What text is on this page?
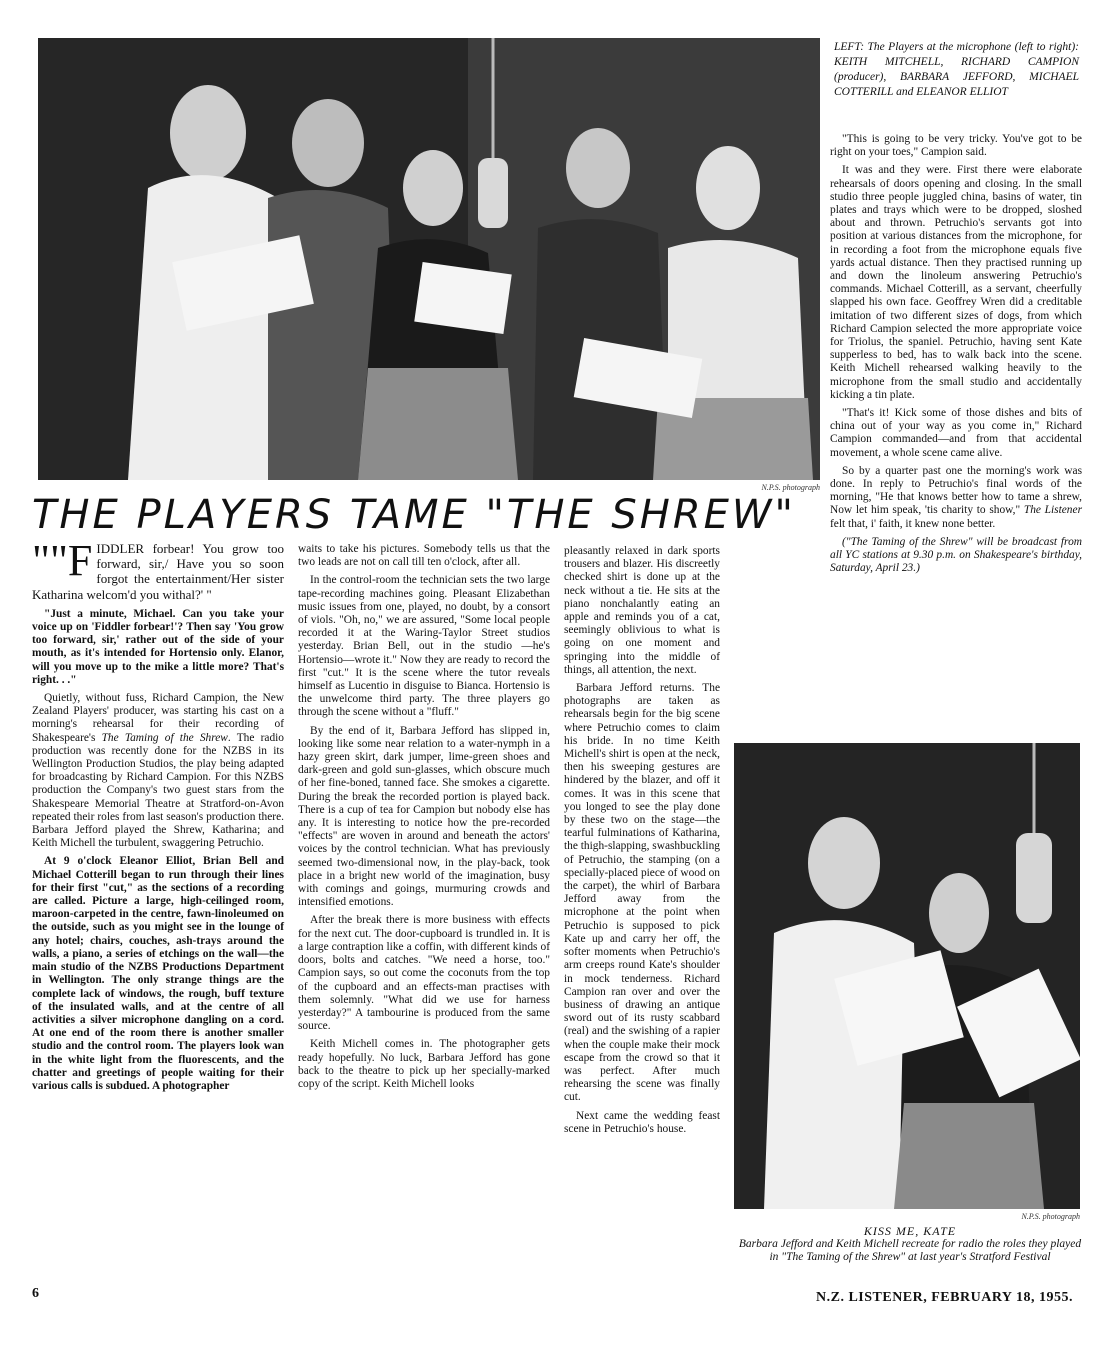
N.P.S. photograph
LEFT: The Players at the microphone (left to right): KEITH MITCHELL, RICHARD CAMPION (producer), BARBARA JEFFORD, MICHAEL COTTERILL and ELEANOR ELLIOT

"This is going to be very tricky. You've got to be right on your toes," Campion said.

It was and they were. First there were elaborate rehearsals of doors opening and closing. In the small studio three people juggled china, basins of water, tin plates and trays which were to be dropped, sloshed about and thrown. Petruchio's servants got into position at various distances from the microphone, for in recording a foot from the microphone equals five yards actual distance. Then they practised running up and down the linoleum answering Petruchio's commands. Michael Cotterill, as a servant, cheerfully slapped his own face. Geoffrey Wren did a creditable imitation of two different sizes of dogs, from which Richard Campion selected the more appropriate voice for Triolus, the spaniel. Petruchio, having sent Kate supperless to bed, has to walk back into the scene. Keith Michell rehearsed walking heavily to the microphone from the small studio and accidentally kicking a tin plate.

"That's it! Kick some of those dishes and bits of china out of your way as you come in," Richard Campion commanded—and from that accidental movement, a whole scene came alive.

So by a quarter past one the morning's work was done. In reply to Petruchio's final words of the morning, "He that knows better how to tame a shrew, Now let him speak, 'tis charity to show," The Listener felt that, i' faith, it knew none better.

("The Taming of the Shrew" will be broadcast from all YC stations at 9.30 p.m. on Shakespeare's birthday, Saturday, April 23.)

THE PLAYERS TAME "THE SHREW"

""F IDDLER forbear! You grow too forward, sir,/ Have you so soon forgot the entertainment/Her sister Katharina welcom'd you withal?' "

"Just a minute, Michael. Can you take your voice up on 'Fiddler forbear!'? Then say 'You grow too forward, sir,' rather out of the side of your mouth, as it's intended for Hortensio only. Elanor, will you move up to the mike a little more? That's right. . ."

Quietly, without fuss, Richard Campion, the New Zealand Players' producer, was starting his cast on a morning's rehearsal for their recording of Shakespeare's The Taming of the Shrew. The radio production was recently done for the NZBS in its Wellington Production Studios, the play being adapted for broadcasting by Richard Campion. For this NZBS production the Company's two guest stars from the Shakespeare Memorial Theatre at Stratford-on-Avon repeated their roles from last season's production there. Barbara Jefford played the Shrew, Katharina; and Keith Michell the turbulent, swaggering Petruchio.

At 9 o'clock Eleanor Elliot, Brian Bell and Michael Cotterill began to run through their lines for their first "cut," as the sections of a recording are called. Picture a large, high-ceilinged room, maroon-carpeted in the centre, fawn-linoleumed on the outside, such as you might see in the lounge of any hotel; chairs, couches, ash-trays around the walls, a piano, a series of etchings on the wall—the main studio of the NZBS Productions Department in Wellington. The only strange things are the complete lack of windows, the rough, buff texture of the insulated walls, and at the centre of all activities a silver microphone dangling on a cord. At one end of the room there is another smaller studio and the control room. The players look wan in the white light from the fluorescents, and the chatter and greetings of people waiting for their various calls is subdued. A photographer

waits to take his pictures. Somebody tells us that the two leads are not on call till ten o'clock, after all.

In the control-room the technician sets the two large tape-recording machines going. Pleasant Elizabethan music issues from one, played, no doubt, by a consort of viols. "Oh, no," we are assured, "Some local people recorded it at the Waring-Taylor Street studios yesterday. Brian Bell, out in the studio —he's Hortensio—wrote it." Now they are ready to record the first "cut." It is the scene where the tutor reveals himself as Lucentio in disguise to Bianca. Hortensio is the unwelcome third party. The three players go through the scene without a "fluff."

By the end of it, Barbara Jefford has slipped in, looking like some near relation to a water-nymph in a hazy green skirt, dark jumper, lime-green shoes and dark-green and gold sun-glasses, which obscure much of her fine-boned, tanned face. She smokes a cigarette. During the break the recorded portion is played back. There is a cup of tea for Campion but nobody else has any. It is interesting to notice how the pre-recorded "effects" are woven in around and beneath the actors' voices by the control technician. What has previously seemed two-dimensional now, in the play-back, took place in a bright new world of the imagination, busy with comings and goings, murmuring crowds and intensified emotions.

After the break there is more business with effects for the next cut. The door-cupboard is trundled in. It is a large contraption like a coffin, with different kinds of doors, bolts and catches. "We need a horse, too." Campion says, so out come the coconuts from the top of the cupboard and an effects-man practises with them solemnly. "What did we use for harness yesterday?" A tambourine is produced from the same source.

Keith Michell comes in. The photographer gets ready hopefully. No luck, Barbara Jefford has gone back to the theatre to pick up her specially-marked copy of the script. Keith Michell looks

pleasantly relaxed in dark sports trousers and blazer. His discreetly checked shirt is done up at the neck without a tie. He sits at the piano nonchalantly eating an apple and reminds you of a cat, seemingly oblivious to what is going on one moment and springing into the middle of things, all attention, the next.

Barbara Jefford returns. The photographs are taken as rehearsals begin for the big scene where Petruchio comes to claim his bride. In no time Keith Michell's shirt is open at the neck, then his sweeping gestures are hindered by the blazer, and off it comes. It was in this scene that you longed to see the play done by these two on the stage—the tearful fulminations of Katharina, the thigh-slapping, swashbuckling of Petruchio, the stamping (on a specially-placed piece of wood on the carpet), the whirl of Barbara Jefford away from the microphone at the point when Petruchio is supposed to pick Kate up and carry her off, the softer moments when Petruchio's arm creeps round Kate's shoulder in mock tenderness. Richard Campion ran over and over the business of drawing an antique sword out of its rusty scabbard (real) and the swishing of a rapier when the couple make their mock escape from the crowd so that it was perfect. After much rehearsing the scene was finally cut.

Next came the wedding feast scene in Petruchio's house.

N.P.S. photograph
KISS ME, KATE
Barbara Jefford and Keith Michell recreate for radio the roles they played in "The Taming of the Shrew" at last year's Stratford Festival
6	N.Z. LISTENER, FEBRUARY 18, 1955.
